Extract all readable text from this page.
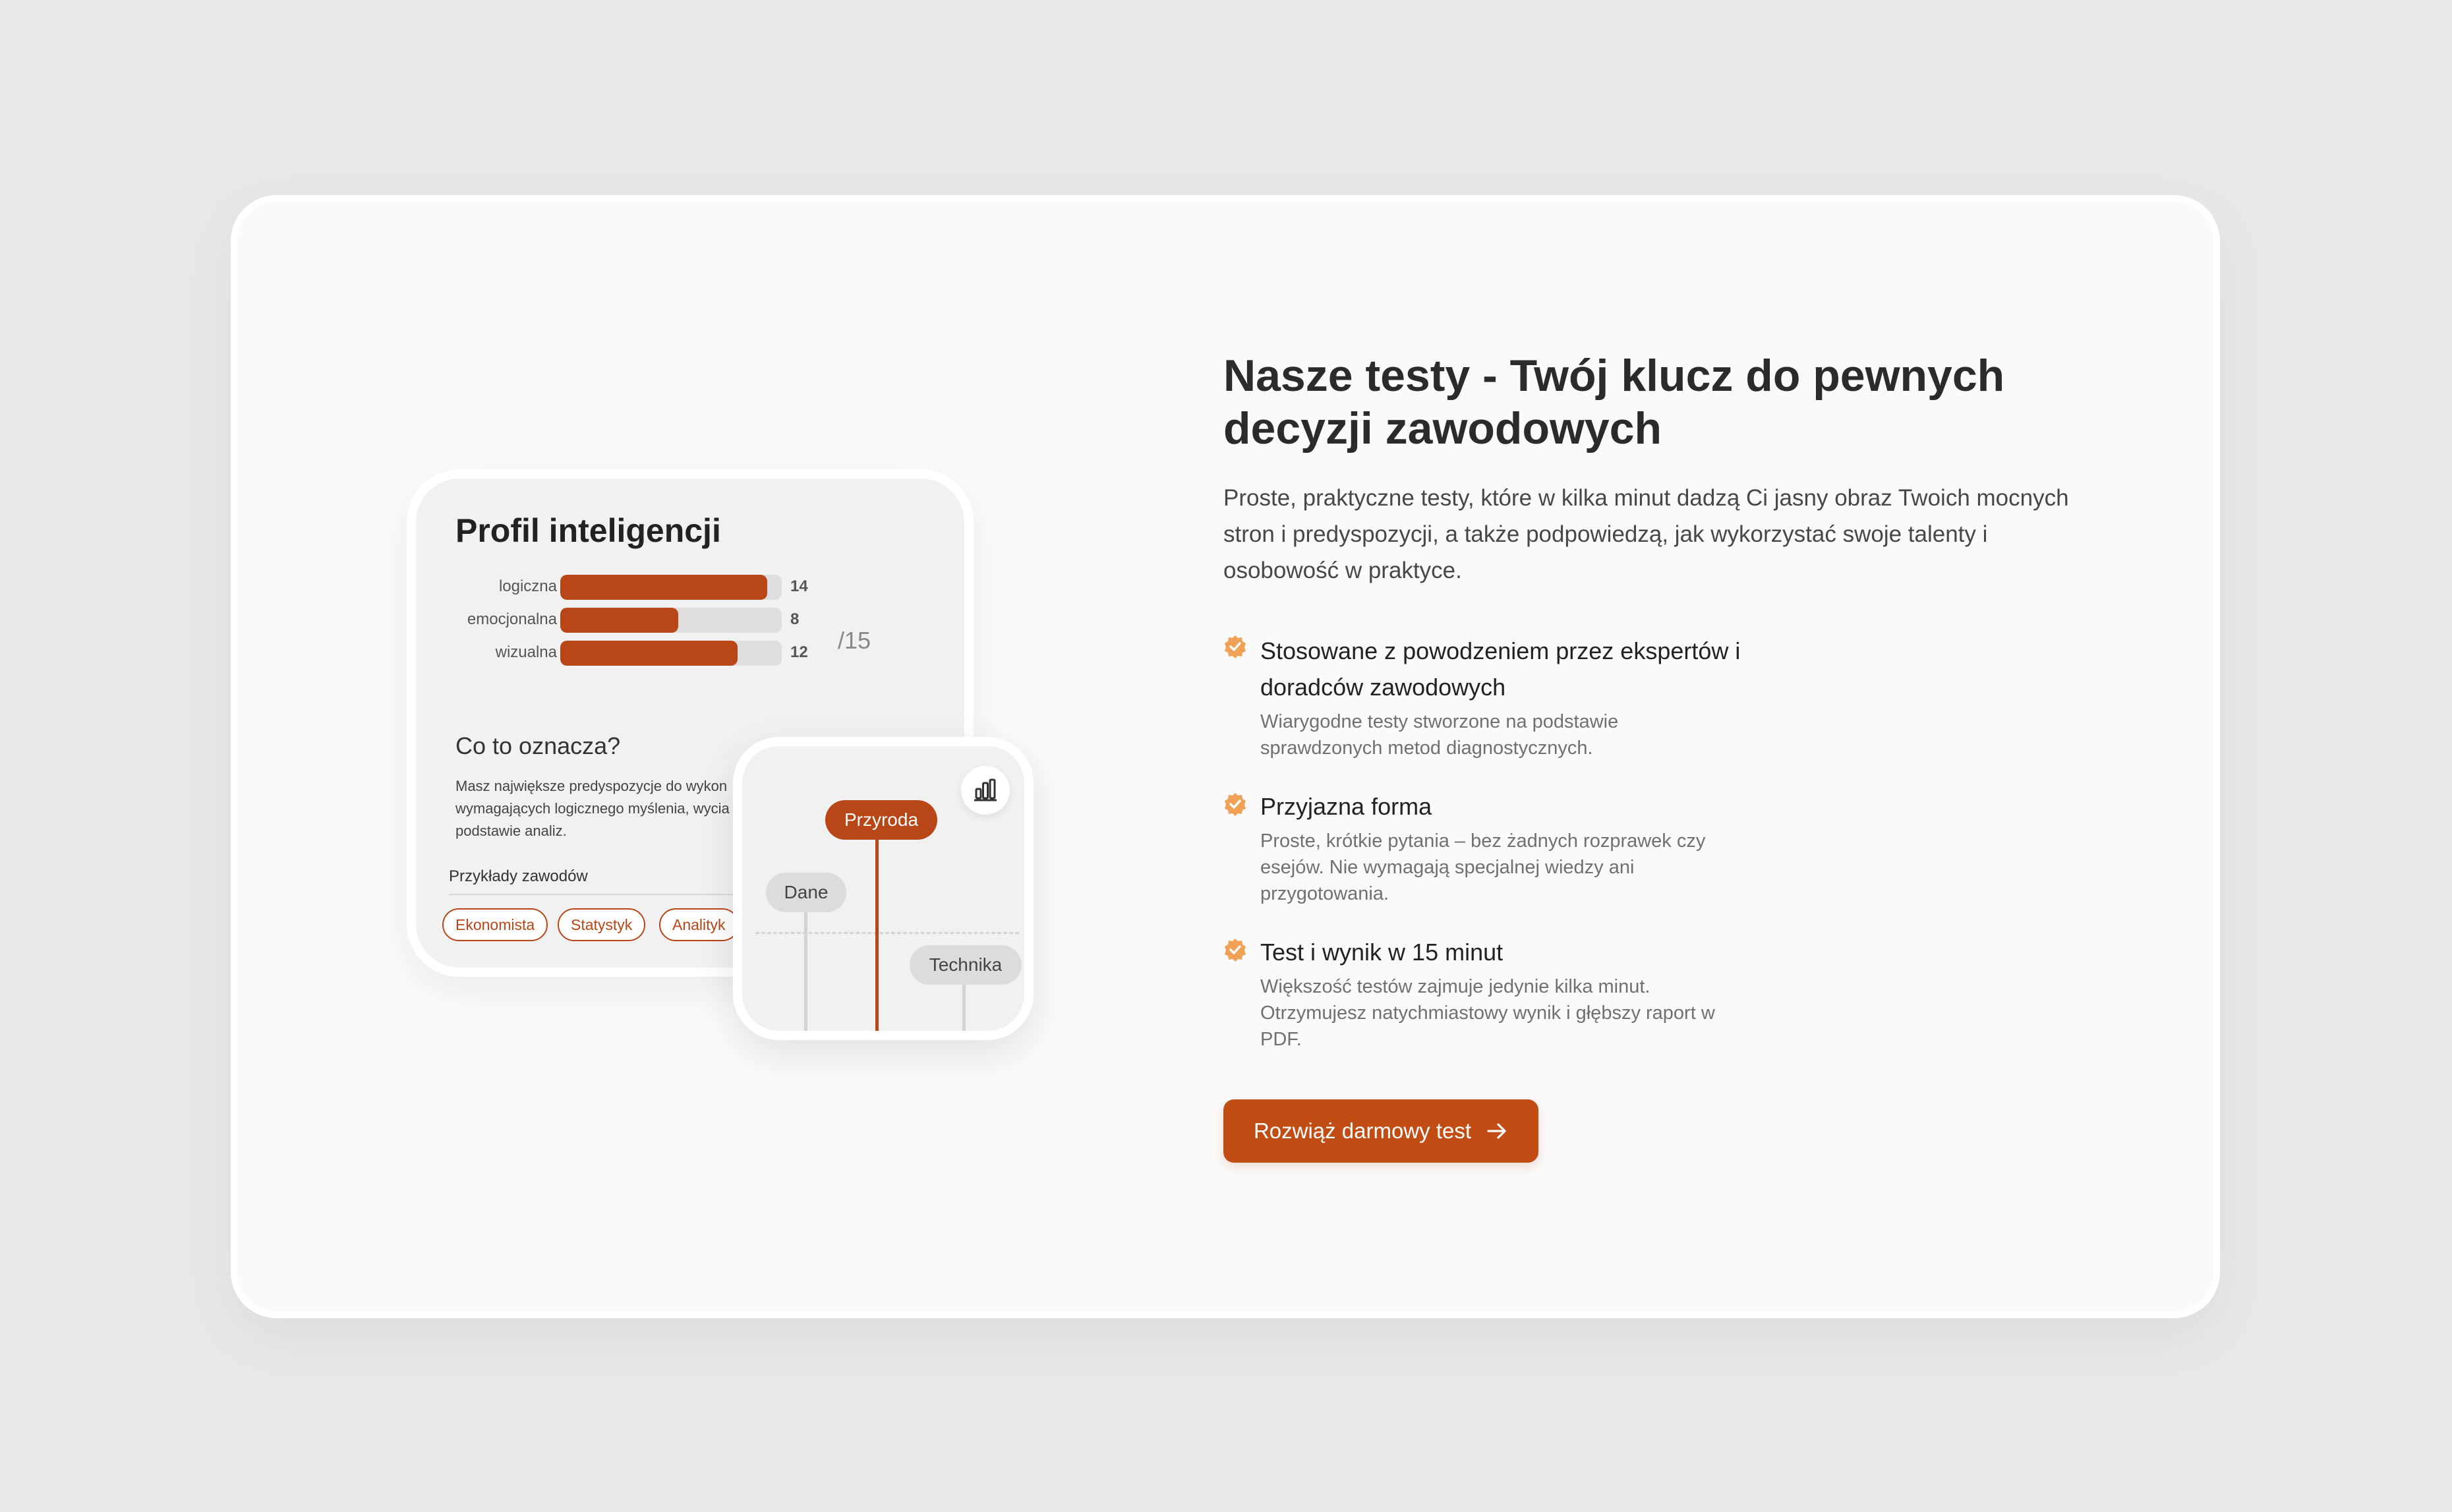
Profil inteligencji
logiczna	14
emocjonalna	8
wizualna	12 /15
Co to oznacza?
Masz największe predyspozycje do wykon
wymagających logicznego myślenia, wycia
podstawie analiz.
Przykłady zawodów
Ekonomista	Statystyk	Analityk
Przyroda
Dane
Technika
Nasze testy - Twój klucz do pewnych decyzji zawodowych

Proste, praktyczne testy, które w kilka minut dadzą Ci jasny obraz Twoich mocnych stron i predyspozycji, a także podpowiedzą, jak wykorzystać swoje talenty i osobowość w praktyce.

Stosowane z powodzeniem przez ekspertów i doradców zawodowych
Wiarygodne testy stworzone na podstawie sprawdzonych metod diagnostycznych.
Przyjazna forma
Proste, krótkie pytania – bez żadnych rozprawek czy esejów. Nie wymagają specjalnej wiedzy ani przygotowania.
Test i wynik w 15 minut
Większość testów zajmuje jedynie kilka minut. Otrzymujesz natychmiastowy wynik i głębszy raport w PDF.
Rozwiąż darmowy test
